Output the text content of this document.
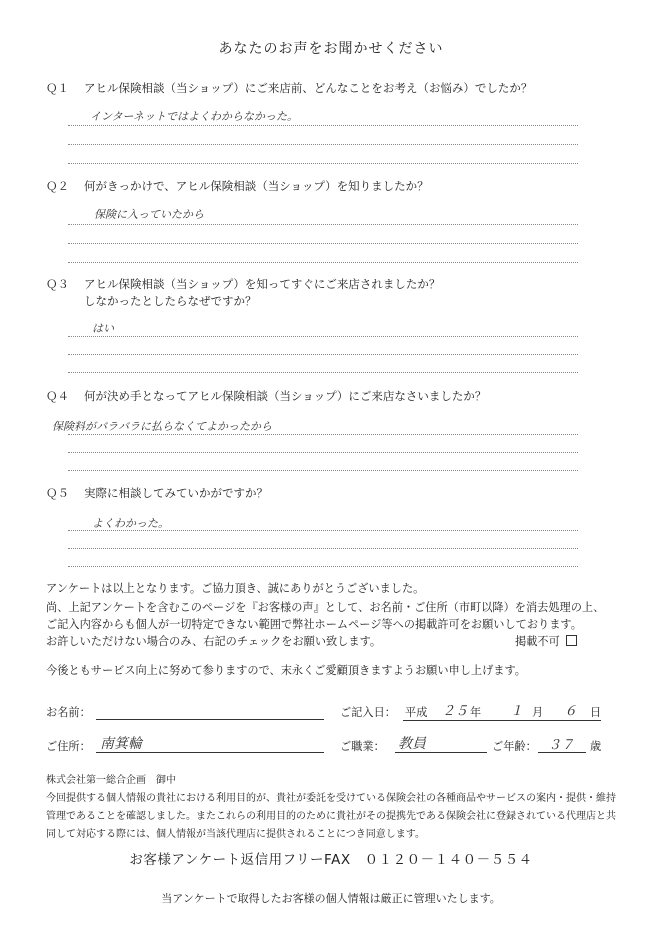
あなたのお声をお聞かせください
Ｑ１	アヒル保険相談（当ショップ）にご来店前、どんなことをお考え（お悩み）でしたか？
インターネットではよくわからなかった。
Ｑ２	何がきっかけで、アヒル保険相談（当ショップ）を知りましたか？
保険に入っていたから
Ｑ３	アヒル保険相談（当ショップ）を知ってすぐにご来店されましたか？
しなかったとしたらなぜですか？
はい
Ｑ４	何が決め手となってアヒル保険相談（当ショップ）にご来店なさいましたか？
保険料がバラバラに払らなくてよかったから
Ｑ５	実際に相談してみていかがですか？
よくわかった。
アンケートは以上となります。ご協力頂き、誠にありがとうございました。
尚、上記アンケートを含むこのページを『お客様の声』として、お名前・ご住所（市町以降）を消去処理の上、
ご記入内容からも個人が一切特定できない範囲で弊社ホームページ等への掲載許可をお願いしております。
お許しいただけない場合のみ、右記のチェックをお願い致します。	掲載不可
今後ともサービス向上に努めて参りますので、末永くご愛顧頂きますようお願い申し上げます。
お名前：	ご記入日： 平成 ２５ 年 １ 月 ６ 日
ご住所： 南箕輪	ご職業： 教員	ご年齢： ３７ 歳
株式会社第一総合企画　御中
今回提供する個人情報の貴社における利用目的が、貴社が委託を受けている保険会社の各種商品やサービスの案内・提供・維持
管理であることを確認しました。またこれらの利用目的のために貴社がその提携先である保険会社に登録されている代理店と共
同して対応する際には、個人情報が当該代理店に提供されることにつき同意します。
お客様アンケート返信用フリーFAX　０１２０－１４０－５５４
当アンケートで取得したお客様の個人情報は厳正に管理いたします。
